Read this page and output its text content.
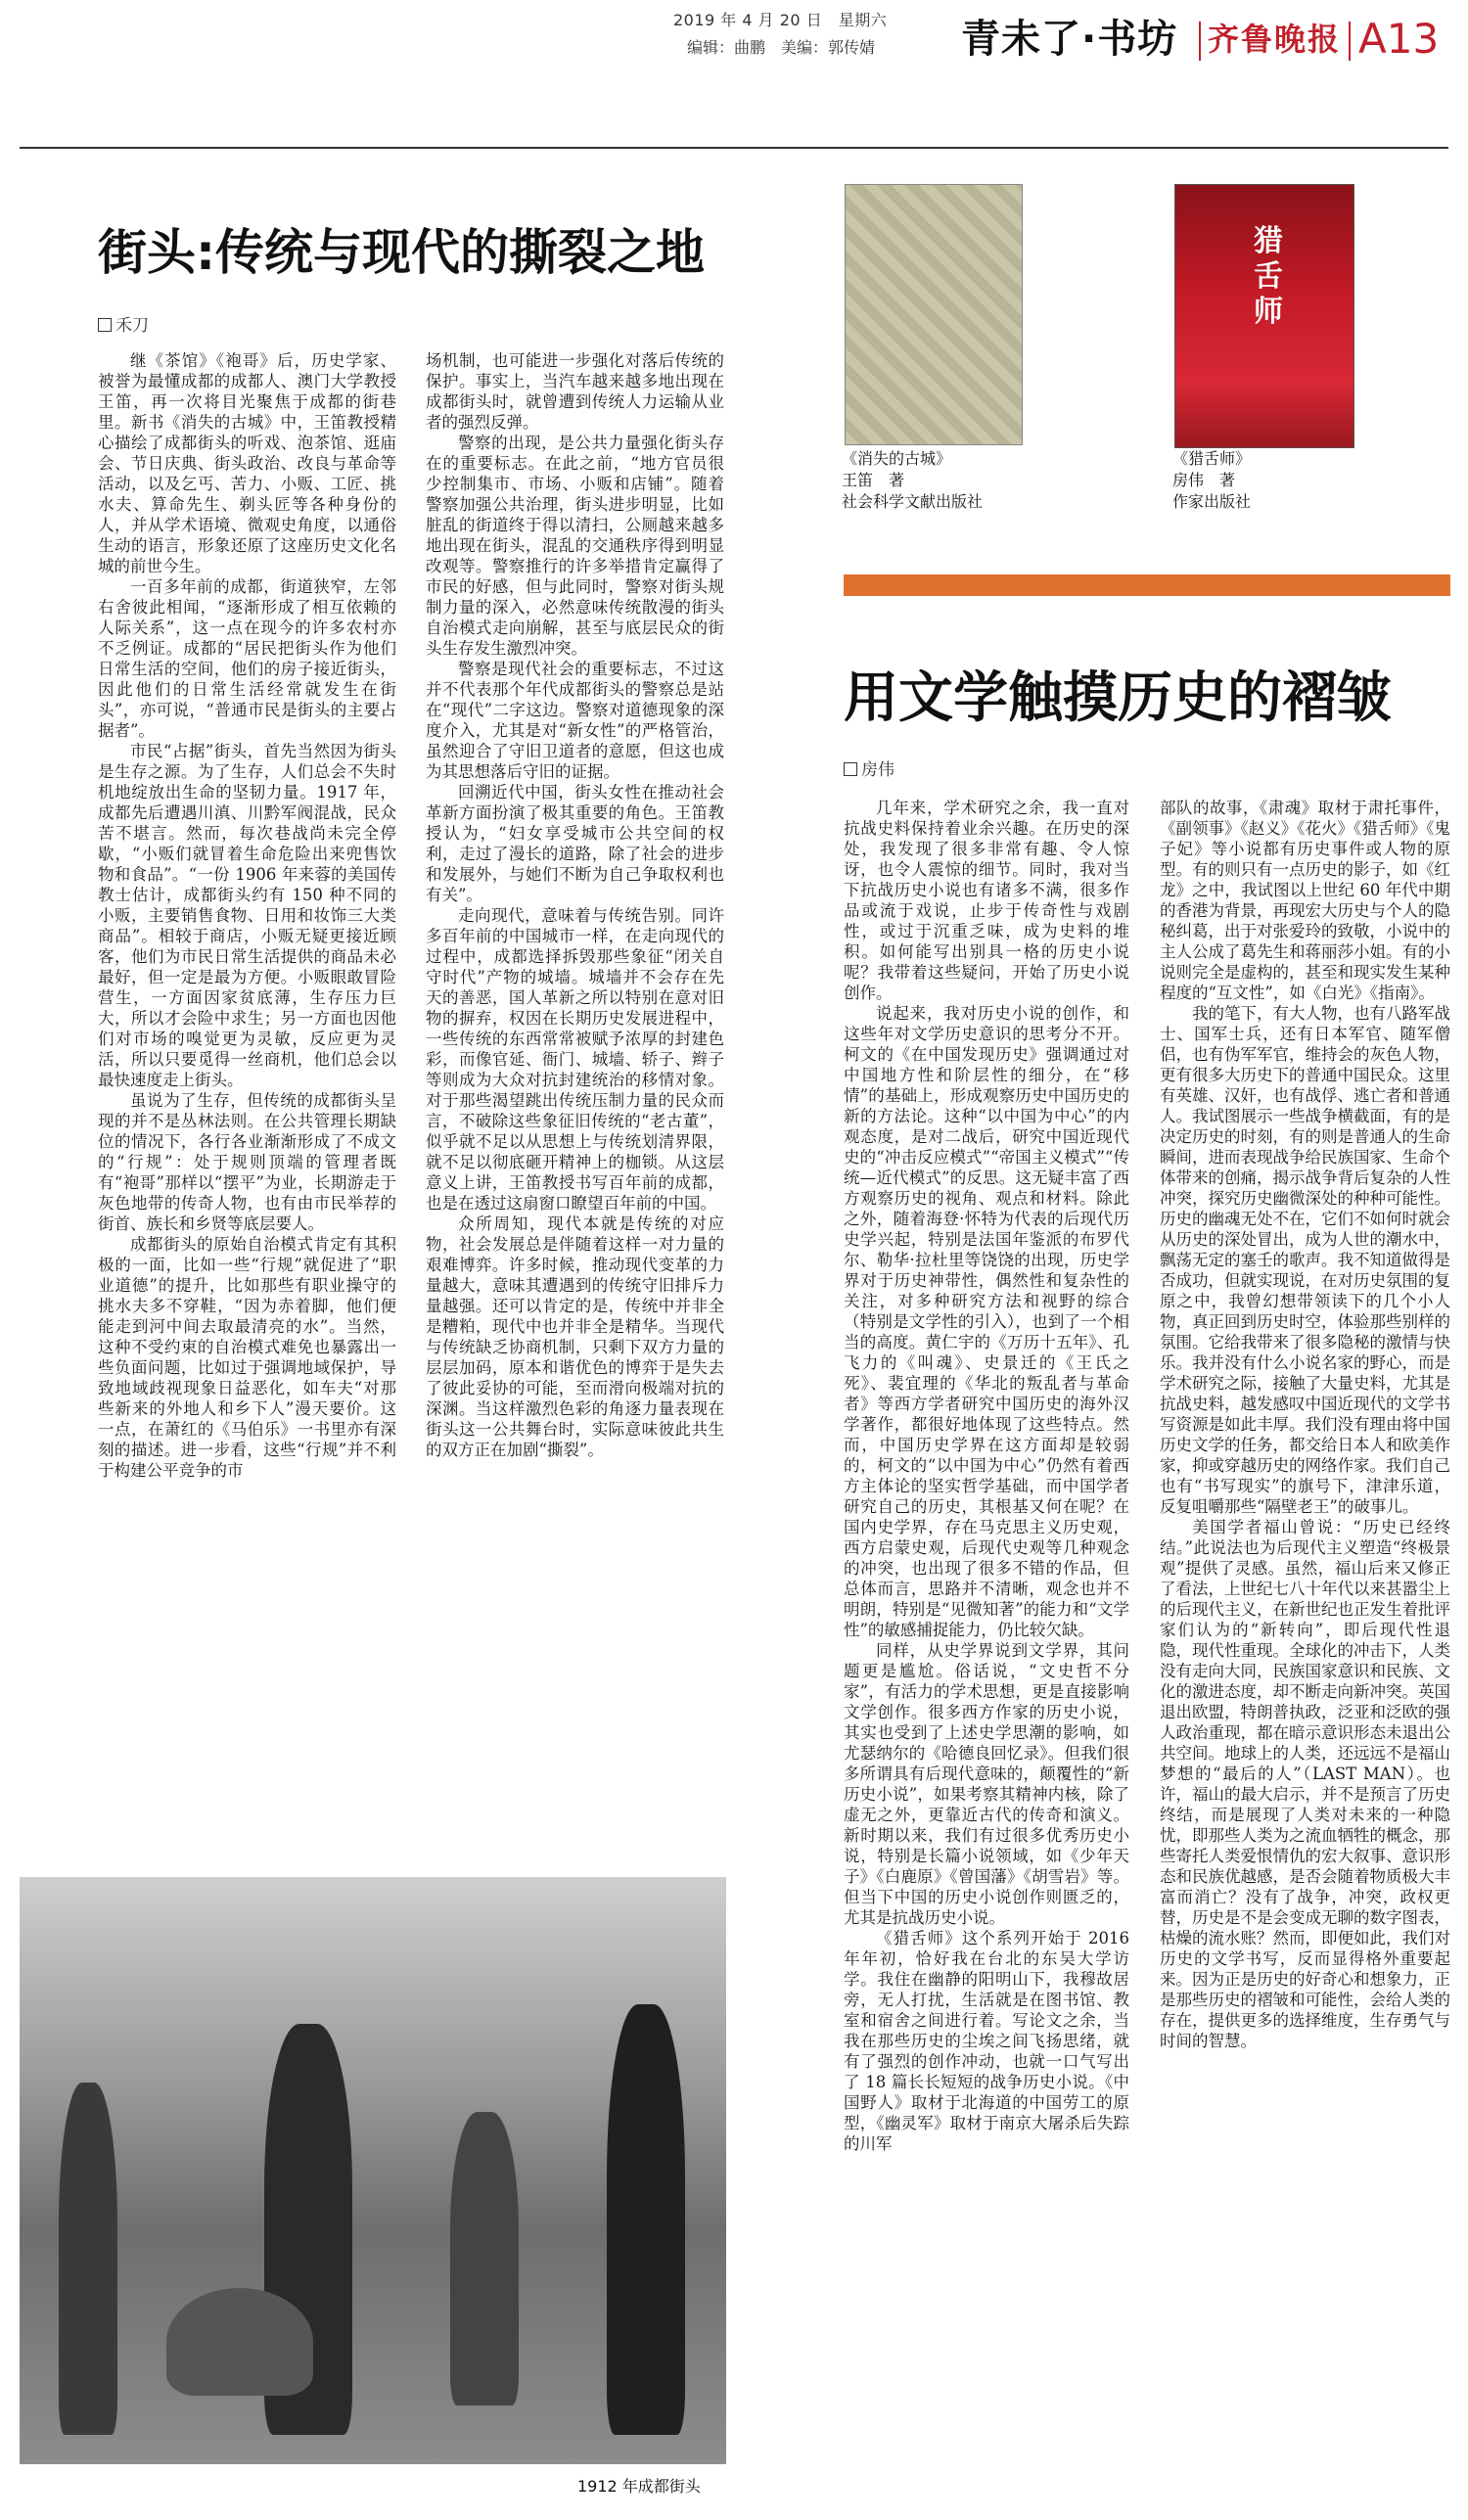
2019 年 4 月 20 日　星期六
编辑：曲鹏　美编：郭传婧	青未了·书坊 齐鲁晚报 A13
街头:传统与现代的撕裂之地
禾刀

继《茶馆》《袍哥》后，历史学家、被誉为最懂成都的成都人、澳门大学教授王笛，再一次将目光聚焦于成都的街巷里。新书《消失的古城》中，王笛教授精心描绘了成都街头的听戏、泡茶馆、逛庙会、节日庆典、街头政治、改良与革命等活动，以及乞丐、苦力、小贩、工匠、挑水夫、算命先生、剃头匠等各种身份的人，并从学术语境、微观史角度，以通俗生动的语言，形象还原了这座历史文化名城的前世今生。

一百多年前的成都，街道狭窄，左邻右舍彼此相闻，“逐渐形成了相互依赖的人际关系”，这一点在现今的许多农村亦不乏例证。成都的“居民把街头作为他们日常生活的空间，他们的房子接近街头，因此他们的日常生活经常就发生在街头”，亦可说，“普通市民是街头的主要占据者”。

市民“占据”街头，首先当然因为街头是生存之源。为了生存，人们总会不失时机地绽放出生命的坚韧力量。1917 年，成都先后遭遇川滇、川黔军阀混战，民众苦不堪言。然而，每次巷战尚未完全停歇，“小贩们就冒着生命危险出来兜售饮物和食品”。“一份 1906 年来蓉的美国传教士估计，成都街头约有 150 种不同的小贩，主要销售食物、日用和妆饰三大类商品”。相较于商店，小贩无疑更接近顾客，他们为市民日常生活提供的商品未必最好，但一定是最为方便。小贩眼敢冒险营生，一方面因家贫底薄，生存压力巨大，所以才会险中求生；另一方面也因他们对市场的嗅觉更为灵敏，反应更为灵活，所以只要觅得一丝商机，他们总会以最快速度走上街头。

虽说为了生存，但传统的成都街头呈现的并不是丛林法则。在公共管理长期缺位的情况下，各行各业渐渐形成了不成文的“行规”：处于规则顶端的管理者既有“袍哥”那样以“摆平”为业，长期游走于灰色地带的传奇人物，也有由市民举荐的街首、族长和乡贤等底层要人。

成都街头的原始自治模式肯定有其积极的一面，比如一些“行规”就促进了“职业道德”的提升，比如那些有职业操守的挑水夫多不穿鞋，“因为赤着脚，他们便能走到河中间去取最清亮的水”。当然，这种不受约束的自治模式难免也暴露出一些负面问题，比如过于强调地域保护，导致地域歧视现象日益恶化，如车夫“对那些新来的外地人和乡下人”漫天要价。这一点，在萧红的《马伯乐》一书里亦有深刻的描述。进一步看，这些“行规”并不利于构建公平竞争的市

场机制，也可能进一步强化对落后传统的保护。事实上，当汽车越来越多地出现在成都街头时，就曾遭到传统人力运输从业者的强烈反弹。

警察的出现，是公共力量强化街头存在的重要标志。在此之前，“地方官员很少控制集市、市场、小贩和店铺”。随着警察加强公共治理，街头进步明显，比如脏乱的街道终于得以清扫，公厕越来越多地出现在街头，混乱的交通秩序得到明显改观等。警察推行的许多举措肯定赢得了市民的好感，但与此同时，警察对街头规制力量的深入，必然意味传统散漫的街头自治模式走向崩解，甚至与底层民众的街头生存发生激烈冲突。

警察是现代社会的重要标志，不过这并不代表那个年代成都街头的警察总是站在“现代”二字这边。警察对道德现象的深度介入，尤其是对“新女性”的严格管治，虽然迎合了守旧卫道者的意愿，但这也成为其思想落后守旧的证据。

回溯近代中国，街头女性在推动社会革新方面扮演了极其重要的角色。王笛教授认为，“妇女享受城市公共空间的权利，走过了漫长的道路，除了社会的进步和发展外，与她们不断为自己争取权利也有关”。

走向现代，意味着与传统告别。同许多百年前的中国城市一样，在走向现代的过程中，成都选择拆毁那些象征“闭关自守时代”产物的城墙。城墙并不会存在先天的善恶，国人革新之所以特别在意对旧物的摒弃，权因在长期历史发展进程中，一些传统的东西常常被赋予浓厚的封建色彩，而像官延、衙门、城墙、轿子、辫子等则成为大众对抗封建统治的移情对象。对于那些渴望跳出传统压制力量的民众而言，不破除这些象征旧传统的“老古董”，似乎就不足以从思想上与传统划清界限，就不足以彻底砸开精神上的枷锁。从这层意义上讲，王笛教授书写百年前的成都，也是在透过这扇窗口瞭望百年前的中国。

众所周知，现代本就是传统的对应物，社会发展总是伴随着这样一对力量的艰难博弈。许多时候，推动现代变革的力量越大，意味其遭遇到的传统守旧排斥力量越强。还可以肯定的是，传统中并非全是糟粕，现代中也并非全是精华。当现代与传统缺乏协商机制，只剩下双方力量的层层加码，原本和谐优色的博弈于是失去了彼此妥协的可能，至而滑向极端对抗的深渊。当这样激烈色彩的角逐力量表现在街头这一公共舞台时，实际意味彼此共生的双方正在加剧“撕裂”。

1912 年成都街头
《消失的古城》
王笛　著
社会科学文献出版社
猎舌师
《猎舌师》
房伟　著
作家出版社
用文学触摸历史的褶皱
房伟

几年来，学术研究之余，我一直对抗战史料保持着业余兴趣。在历史的深处，我发现了很多非常有趣、令人惊讶，也令人震惊的细节。同时，我对当下抗战历史小说也有诸多不满，很多作品或流于戏说，止步于传奇性与戏剧性，或过于沉重乏味，成为史料的堆积。如何能写出别具一格的历史小说呢？我带着这些疑问，开始了历史小说创作。

说起来，我对历史小说的创作，和这些年对文学历史意识的思考分不开。柯文的《在中国发现历史》强调通过对中国地方性和阶层性的细分，在“移情”的基础上，形成观察历史中国历史的新的方法论。这种“以中国为中心”的内观态度，是对二战后，研究中国近现代史的“冲击反应模式”“帝国主义模式”“传统—近代模式”的反思。这无疑丰富了西方观察历史的视角、观点和材料。除此之外，随着海登·怀特为代表的后现代历史学兴起，特别是法国年鉴派的布罗代尔、勒华·拉杜里等饶饶的出现，历史学界对于历史神带性，偶然性和复杂性的关注，对多种研究方法和视野的综合（特别是文学性的引入），也到了一个相当的高度。黄仁宇的《万历十五年》、孔飞力的《叫魂》、史景迁的《王氏之死》、裴宜理的《华北的叛乱者与革命者》等西方学者研究中国历史的海外汉学著作，都很好地体现了这些特点。然而，中国历史学界在这方面却是较弱的，柯文的“以中国为中心”仍然有着西方主体论的坚实哲学基础，而中国学者研究自己的历史，其根基又何在呢？在国内史学界，存在马克思主义历史观，西方启蒙史观，后现代史观等几种观念的冲突，也出现了很多不错的作品，但总体而言，思路并不清晰，观念也并不明朗，特别是“见微知著”的能力和“文学性”的敏感捕捉能力，仍比较欠缺。

同样，从史学界说到文学界，其问题更是尴尬。俗话说，“文史哲不分家”，有活力的学术思想，更是直接影响文学创作。很多西方作家的历史小说，其实也受到了上述史学思潮的影响，如尤瑟纳尔的《哈德良回忆录》。但我们很多所谓具有后现代意味的，颠覆性的“新历史小说”，如果考察其精神内核，除了虚无之外，更靠近古代的传奇和演义。新时期以来，我们有过很多优秀历史小说，特别是长篇小说领域，如《少年天子》《白鹿原》《曾国藩》《胡雪岩》等。但当下中国的历史小说创作则匮乏的，尤其是抗战历史小说。

《猎舌师》这个系列开始于 2016 年年初，恰好我在台北的东吴大学访学。我住在幽静的阳明山下，我穆故居旁，无人打扰，生活就是在图书馆、教室和宿舍之间进行着。写论文之余，当我在那些历史的尘埃之间飞扬思绪，就有了强烈的创作冲动，也就一口气写出了 18 篇长长短短的战争历史小说。《中国野人》取材于北海道的中国劳工的原型，《幽灵军》取材于南京大屠杀后失踪的川军

部队的故事，《肃魂》取材于肃托事件，《副领事》《赵义》《花火》《猎舌师》《鬼子妃》等小说都有历史事件或人物的原型。有的则只有一点历史的影子，如《红龙》之中，我试图以上世纪 60 年代中期的香港为背景，再现宏大历史与个人的隐秘纠葛，出于对张爱玲的致敬，小说中的主人公成了葛先生和蒋丽莎小姐。有的小说则完全是虚构的，甚至和现实发生某种程度的“互文性”，如《白光》《指南》。

我的笔下，有大人物，也有八路军战士、国军士兵，还有日本军官、随军僧侣，也有伪军军官，维持会的灰色人物，更有很多大历史下的普通中国民众。这里有英雄、汉奸，也有战俘、逃亡者和普通人。我试图展示一些战争横截面，有的是决定历史的时刻，有的则是普通人的生命瞬间，进而表现战争给民族国家、生命个体带来的创痛，揭示战争背后复杂的人性冲突，探究历史幽微深处的种种可能性。历史的幽魂无处不在，它们不如何时就会从历史的深处冒出，成为人世的潮水中，飘荡无定的塞壬的歌声。我不知道做得是否成功，但就实现说，在对历史氛围的复原之中，我曾幻想带领读下的几个小人物，真正回到历史时空，体验那些别样的氛围。它给我带来了很多隐秘的激情与快乐。我并没有什么小说名家的野心，而是学术研究之际，接触了大量史料，尤其是抗战史料，越发感叹中国近现代的文学书写资源是如此丰厚。我们没有理由将中国历史文学的任务，都交给日本人和欧美作家，抑或穿越历史的网络作家。我们自己也有“书写现实”的旗号下，津津乐道，反复咀嚼那些“隔壁老王”的破事儿。

美国学者福山曾说：“历史已经终结。”此说法也为后现代主义塑造“终极景观”提供了灵感。虽然，福山后来又修正了看法，上世纪七八十年代以来甚嚣尘上的后现代主义，在新世纪也正发生着批评家们认为的“新转向”，即后现代性退隐，现代性重现。全球化的冲击下，人类没有走向大同，民族国家意识和民族、文化的激进态度，却不断走向新冲突。英国退出欧盟，特朗普执政，泛亚和泛欧的强人政治重现，都在暗示意识形态未退出公共空间。地球上的人类，还远远不是福山梦想的“最后的人”（LAST MAN）。也许，福山的最大启示，并不是预言了历史终结，而是展现了人类对未来的一种隐忧，即那些人类为之流血牺牲的概念，那些寄托人类爱恨情仇的宏大叙事、意识形态和民族优越感，是否会随着物质极大丰富而消亡？没有了战争，冲突，政权更替，历史是不是会变成无聊的数字图表，枯燥的流水账？然而，即便如此，我们对历史的文学书写，反而显得格外重要起来。因为正是历史的好奇心和想象力，正是那些历史的褶皱和可能性，会给人类的存在，提供更多的选择维度，生存勇气与时间的智慧。
